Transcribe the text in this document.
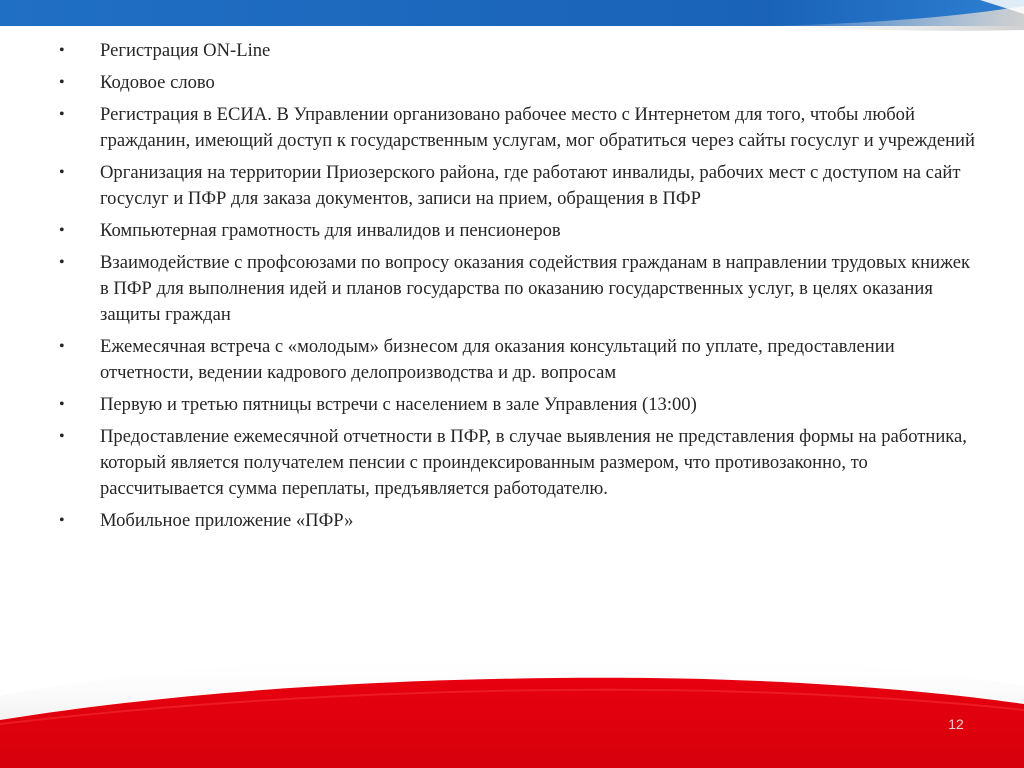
• Регистрация ON-Line
• Кодовое слово
• Регистрация в ЕСИА. В Управлении организовано рабочее место с Интернетом для того, чтобы любой гражданин, имеющий доступ к государственным услугам, мог обратиться через сайты госуслуг и учреждений
• Организация на территории Приозерского района, где работают инвалиды, рабочих мест с доступом на сайт госуслуг и ПФР для заказа документов, записи на прием, обращения в ПФР
• Компьютерная грамотность для инвалидов и пенсионеров
• Взаимодействие с профсоюзами по вопросу оказания содействия гражданам в направлении трудовых книжек в ПФР для выполнения идей и планов государства по оказанию государственных услуг, в целях оказания защиты граждан
• Ежемесячная встреча с «молодым» бизнесом для оказания консультаций по уплате, предоставлении отчетности, ведении кадрового делопроизводства и др. вопросам
• Первую и третью пятницы встречи с населением в зале Управления (13:00)
• Предоставление ежемесячной отчетности в ПФР, в случае выявления не представления формы на работника, который является получателем пенсии с проиндексированным размером, что противозаконно, то рассчитывается сумма переплаты, предъявляется работодателю.
• Мобильное приложение «ПФР»
12
